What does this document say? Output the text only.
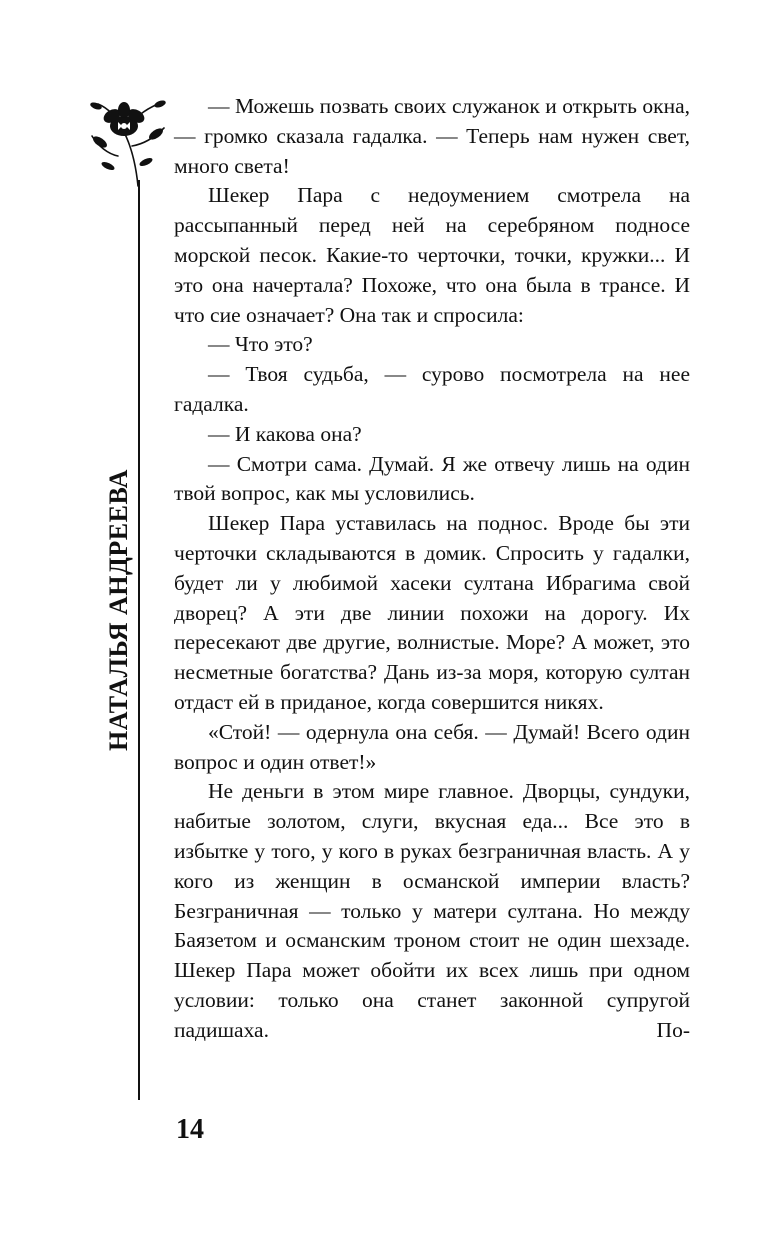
НАТАЛЬЯ АНДРЕЕВА

— Можешь позвать своих служанок и открыть окна, — громко сказала гадалка. — Теперь нам нужен свет, много света!

Шекер Пара с недоумением смотрела на рассыпанный перед ней на серебряном подносе морской песок. Какие-то черточки, точки, кружки... И это она начертала? Похоже, что она была в трансе. И что сие означает? Она так и спросила:

— Что это?

— Твоя судьба, — сурово посмотрела на нее гадалка.

— И какова она?

— Смотри сама. Думай. Я же отвечу лишь на один твой вопрос, как мы условились.

Шекер Пара уставилась на поднос. Вроде бы эти черточки складываются в домик. Спросить у гадалки, будет ли у любимой хасеки султана Ибрагима свой дворец? А эти две линии похожи на дорогу. Их пересекают две другие, волнистые. Море? А может, это несметные богатства? Дань из-за моря, которую султан отдаст ей в приданое, когда совершится никях.

«Стой! — одернула она себя. — Думай! Всего один вопрос и один ответ!»

Не деньги в этом мире главное. Дворцы, сундуки, набитые золотом, слуги, вкусная еда... Все это в избытке у того, у кого в руках безграничная власть. А у кого из женщин в османской империи власть? Безграничная — только у матери султана. Но между Баязетом и османским троном стоит не один шехзаде. Шекер Пара может обойти их всех лишь при одном условии: только она станет законной супругой падишаха. По-

14
